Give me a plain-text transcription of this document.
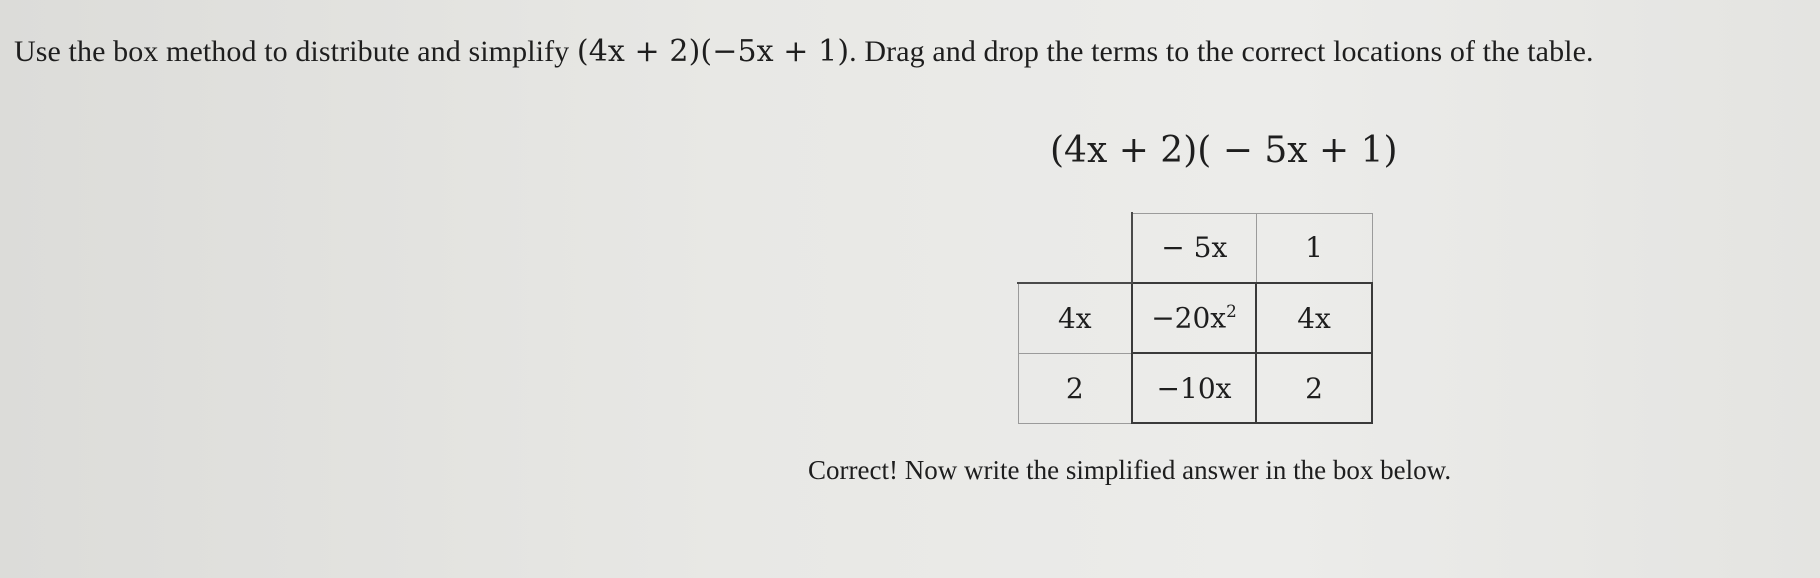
Use the box method to distribute and simplify (4x + 2)(−5x + 1). Drag and drop the terms to the correct locations of the table.
(4x + 2)( − 5x + 1)
	− 5x	1
4x	$-20x^2$	4x
2	−10x	2
Correct! Now write the simplified answer in the box below.
